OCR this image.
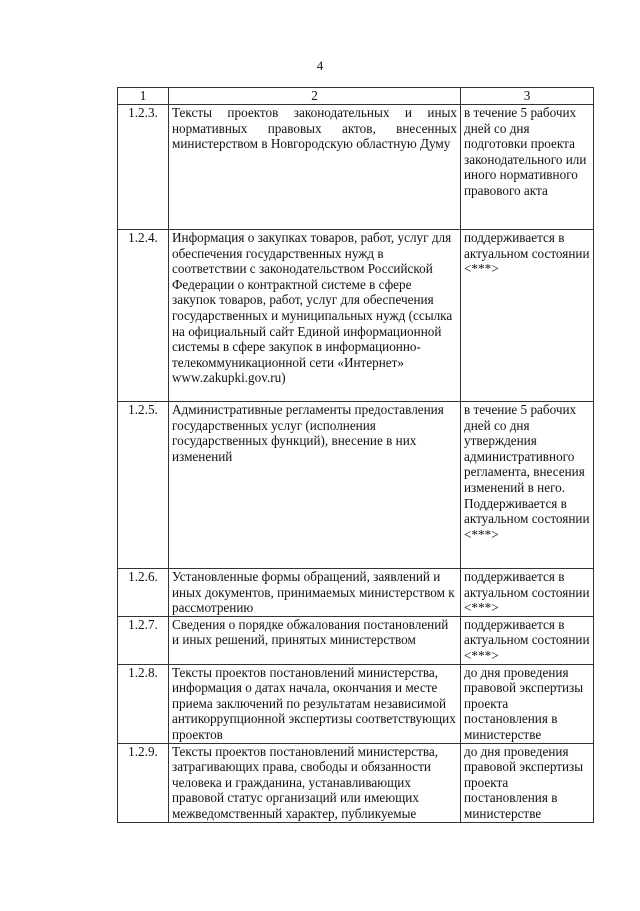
4
1	2	3
1.2.3.	Тексты проектов законодательных и иных нормативных правовых актов, внесенных министерством в Новгородскую областную Думу	в течение 5 рабочих дней со дня подготовки проекта законодательного или иного нормативного правового акта
1.2.4.	Информация о закупках товаров, работ, услуг для обеспечения государственных нужд в соответствии с законодательством Российской Федерации о контрактной системе в сфере закупок товаров, работ, услуг для обеспечения государственных и муниципальных нужд (ссылка на официальный сайт Единой информационной системы в сфере закупок в информационно-телекоммуникационной сети «Интернет» www.zakupki.gov.ru)	поддерживается в актуальном состоянии <***>
1.2.5.	Административные регламенты предоставления государственных услуг (исполнения государственных функций), внесение в них изменений	в течение 5 рабочих дней со дня утверждения административного регламента, внесения изменений в него. Поддерживается в актуальном состоянии <***>
1.2.6.	Установленные формы обращений, заявлений и иных документов, принимаемых министерством к рассмотрению	поддерживается в актуальном состоянии <***>
1.2.7.	Сведения о порядке обжалования постановлений и иных решений, принятых министерством	поддерживается в актуальном состоянии <***>
1.2.8.	Тексты проектов постановлений министерства, информация о датах начала, окончания и месте приема заключений по результатам независимой антикоррупционной экспертизы соответствующих проектов	до дня проведения правовой экспертизы проекта постановления в министерстве
1.2.9.	Тексты проектов постановлений министерства, затрагивающих права, свободы и обязанности человека и гражданина, устанавливающих правовой статус организаций или имеющих межведомственный характер, публикуемые	до дня проведения правовой экспертизы проекта постановления в министерстве
